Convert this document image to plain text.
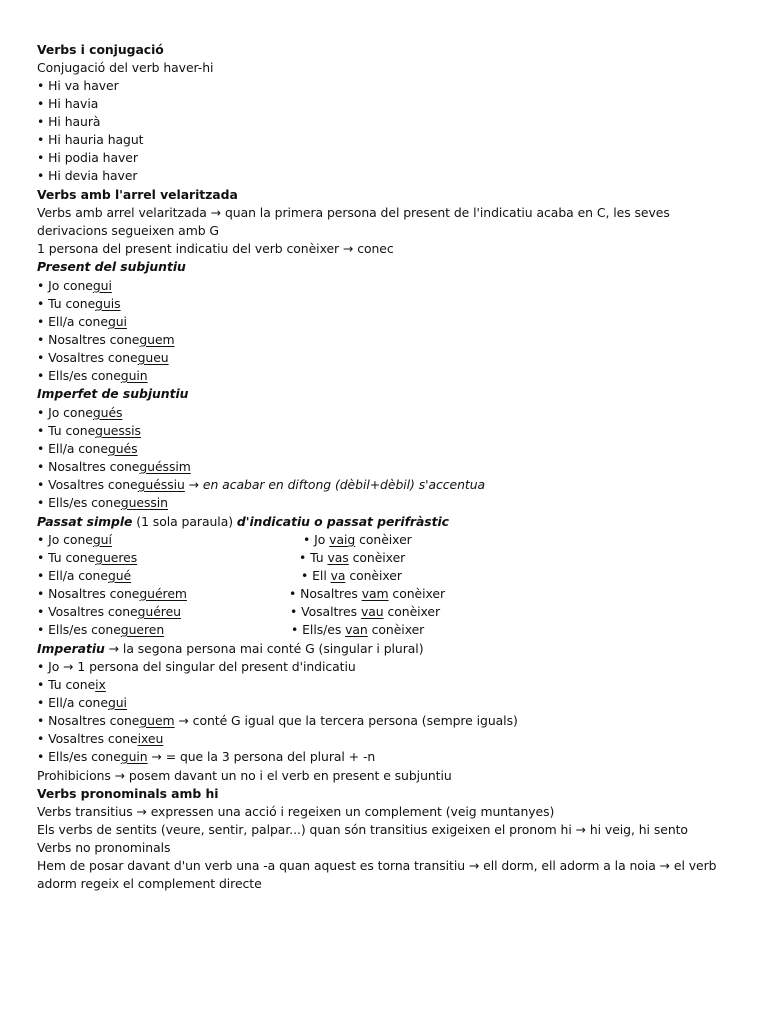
Verbs i conjugació
Conjugació del verb haver-hi
• Hi va haver
• Hi havia
• Hi haurà
• Hi hauria hagut
• Hi podia haver
• Hi devia haver
Verbs amb l'arrel velaritzada
Verbs amb arrel velaritzada → quan la primera persona del present de l'indicatiu acaba en C, les seves
derivacions segueixen amb G
1 persona del present indicatiu del verb conèixer → conec
Present del subjuntiu
• Jo conegui
• Tu coneguis
• Ell/a conegui
• Nosaltres coneguem
• Vosaltres conegueu
• Ells/es coneguin
Imperfet de subjuntiu
• Jo conegués
• Tu coneguessis
• Ell/a conegués
• Nosaltres coneguéssim
• Vosaltres coneguéssiu → en acabar en diftong (dèbil+dèbil) s'accentua
• Ells/es coneguessin
Passat simple (1 sola paraula) d'indicatiu o passat perifràstic
• Jo coneguí	• Jo vaig conèixer
• Tu conegueres	• Tu vas conèixer
• Ell/a conegué	• Ell va conèixer
• Nosaltres coneguérem	• Nosaltres vam conèixer
• Vosaltres coneguéreu	• Vosaltres vau conèixer
• Ells/es conegueren	• Ells/es van conèixer
Imperatiu → la segona persona mai conté G (singular i plural)
• Jo → 1 persona del singular del present d'indicatiu
• Tu coneix
• Ell/a conegui
• Nosaltres coneguem → conté G igual que la tercera persona (sempre iguals)
• Vosaltres coneixeu
• Ells/es coneguin → = que la 3 persona del plural + -n
Prohibicions → posem davant un no i el verb en present e subjuntiu
Verbs pronominals amb hi
Verbs transitius → expressen una acció i regeixen un complement (veig muntanyes)
Els verbs de sentits (veure, sentir, palpar...) quan són transitius exigeixen el pronom hi → hi veig, hi sento
Verbs no pronominals
Hem de posar davant d'un verb una -a quan aquest es torna transitiu → ell dorm, ell adorm a la noia → el verb
adorm regeix el complement directe
